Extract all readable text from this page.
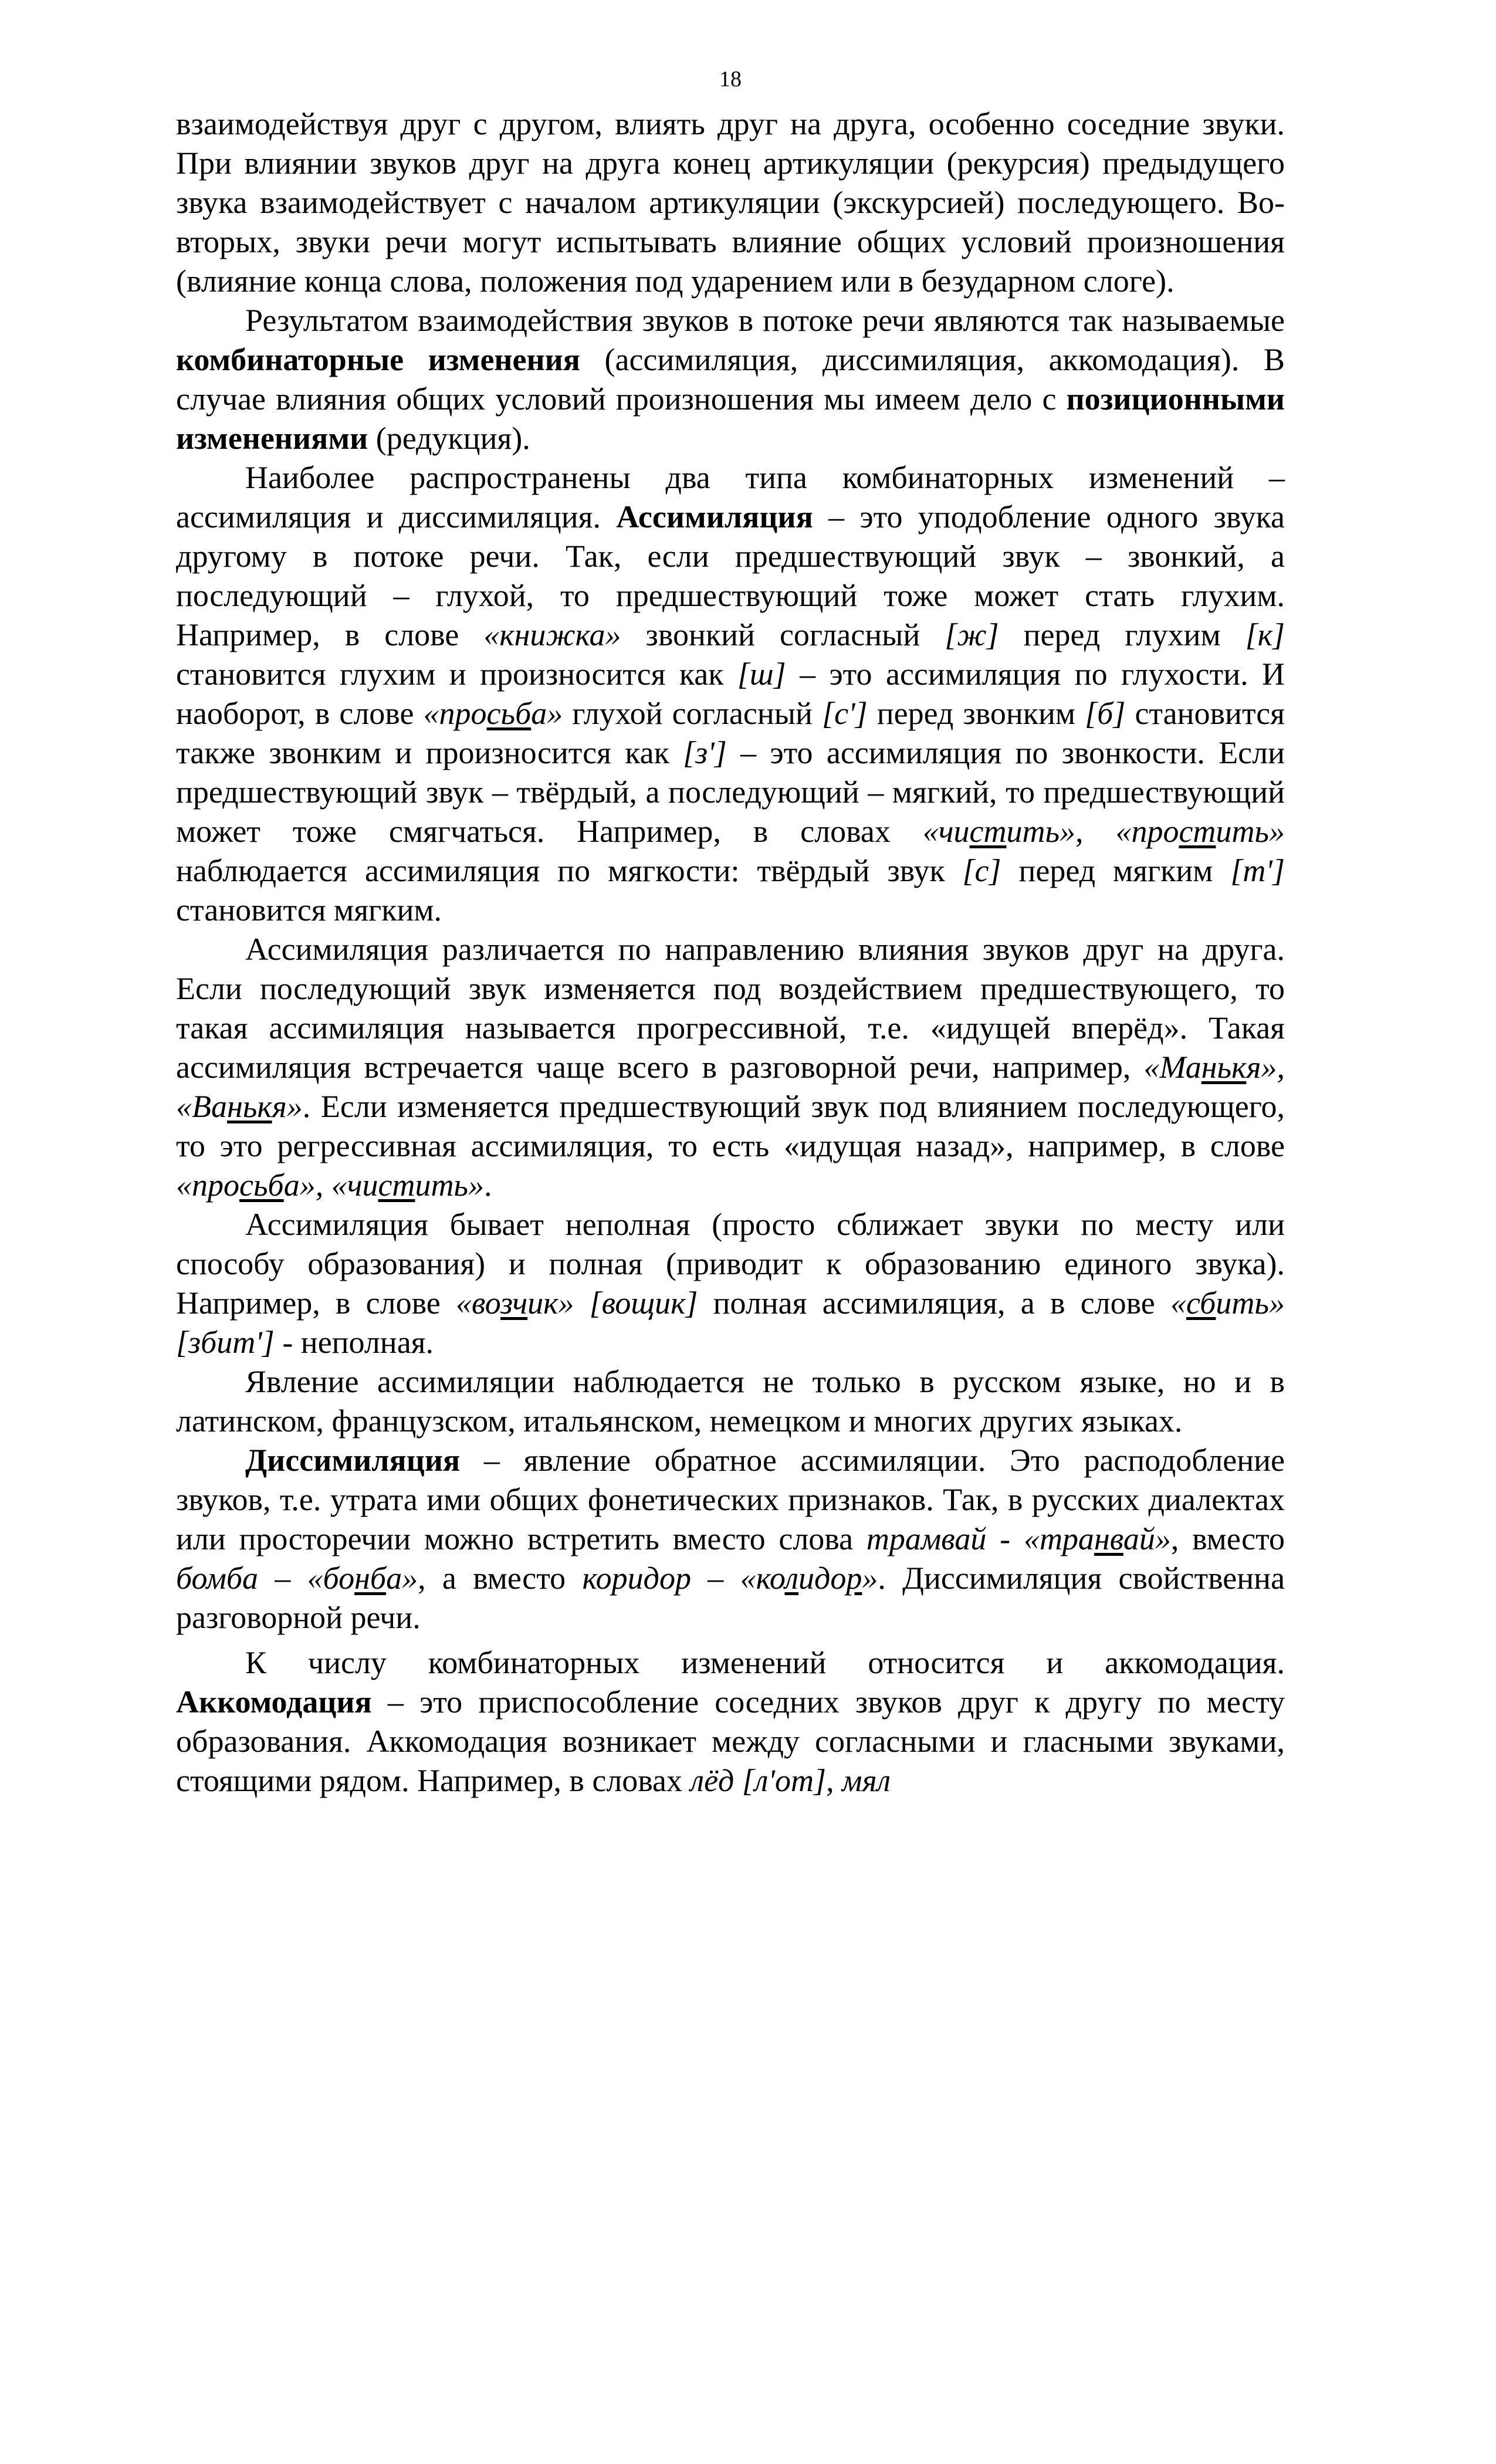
18

взаимодействуя друг с другом, влиять друг на друга, особенно соседние звуки. При влиянии звуков друг на друга конец артикуляции (рекурсия) предыдущего звука взаимодействует с началом артикуляции (экскурсией) последующего. Во-вторых, звуки речи могут испытывать влияние общих условий произношения (влияние конца слова, положения под ударением или в безударном слоге).

Результатом взаимодействия звуков в потоке речи являются так называемые комбинаторные изменения (ассимиляция, диссимиляция, аккомодация). В случае влияния общих условий произношения мы имеем дело с позиционными изменениями (редукция).

Наиболее распространены два типа комбинаторных изменений – ассимиляция и диссимиляция. Ассимиляция – это уподобление одного звука другому в потоке речи. Так, если предшествующий звук – звонкий, а последующий – глухой, то предшествующий тоже может стать глухим. Например, в слове «книжка» звонкий согласный [ж] перед глухим [к] становится глухим и произносится как [ш] – это ассимиляция по глухости. И наоборот, в слове «просьба» глухой согласный [с'] перед звонким [б] становится также звонким и произносится как [з'] – это ассимиляция по звонкости. Если предшествующий звук – твёрдый, а последующий – мягкий, то предшествующий может тоже смягчаться. Например, в словах «чистить», «простить» наблюдается ассимиляция по мягкости: твёрдый звук [с] перед мягким [т'] становится мягким.

Ассимиляция различается по направлению влияния звуков друг на друга. Если последующий звук изменяется под воздействием предшествующего, то такая ассимиляция называется прогрессивной, т.е. «идущей вперёд». Такая ассимиляция встречается чаще всего в разговорной речи, например, «Манькя», «Ванькя». Если изменяется предшествующий звук под влиянием последующего, то это регрессивная ассимиляция, то есть «идущая назад», например, в слове «просьба», «чистить».

Ассимиляция бывает неполная (просто сближает звуки по месту или способу образования) и полная (приводит к образованию единого звука). Например, в слове «возчик» [вощик] полная ассимиляция, а в слове «сбить» [збит'] - неполная.

Явление ассимиляции наблюдается не только в русском языке, но и в латинском, французском, итальянском, немецком и многих других языках.

Диссимиляция – явление обратное ассимиляции. Это расподобление звуков, т.е. утрата ими общих фонетических признаков. Так, в русских диалектах или просторечии можно встретить вместо слова трамвай - «транвай», вместо бомба – «бонба», а вместо коридор – «колидор». Диссимиляция свойственна разговорной речи.

К числу комбинаторных изменений относится и аккомодация. Аккомодация – это приспособление соседних звуков друг к другу по месту образования. Аккомодация возникает между согласными и гласными звуками, стоящими рядом. Например, в словах лёд [л'от], мял
